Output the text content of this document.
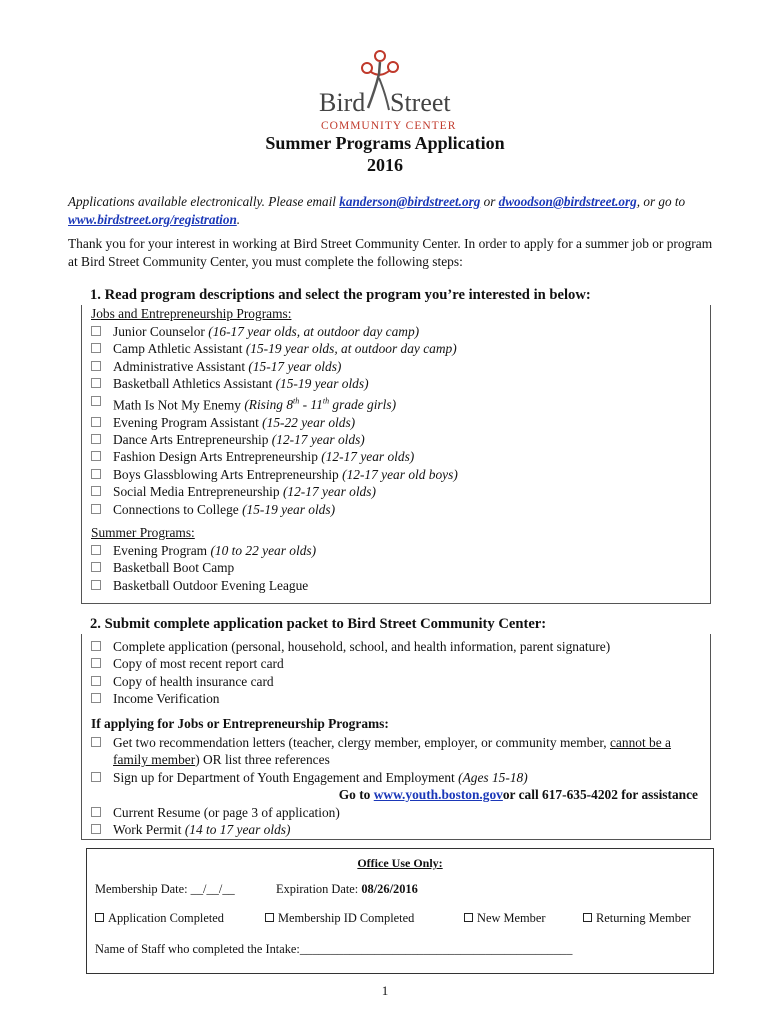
Bird Street
COMMUNITY CENTER
Summer Programs Application
2016
Applications available electronically. Please email kanderson@birdstreet.org or dwoodson@birdstreet.org, or go to www.birdstreet.org/registration.
Thank you for your interest in working at Bird Street Community Center. In order to apply for a summer job or program at Bird Street Community Center, you must complete the following steps:
1. Read program descriptions and select the program you’re interested in below:
Jobs and Entrepreneurship Programs:
Junior Counselor (16-17 year olds, at outdoor day camp)
Camp Athletic Assistant (15-19 year olds, at outdoor day camp)
Administrative Assistant (15-17 year olds)
Basketball Athletics Assistant (15-19 year olds)
Math Is Not My Enemy (Rising 8th - 11th grade girls)
Evening Program Assistant (15-22 year olds)
Dance Arts Entrepreneurship (12-17 year olds)
Fashion Design Arts Entrepreneurship (12-17 year olds)
Boys Glassblowing Arts Entrepreneurship (12-17 year old boys)
Social Media Entrepreneurship (12-17 year olds)
Connections to College (15-19 year olds)
Summer Programs:
Evening Program (10 to 22 year olds)
Basketball Boot Camp
Basketball Outdoor Evening League
2. Submit complete application packet to Bird Street Community Center:
Complete application (personal, household, school, and health information, parent signature)
Copy of most recent report card
Copy of health insurance card
Income Verification
If applying for Jobs or Entrepreneurship Programs:
Get two recommendation letters (teacher, clergy member, employer, or community member, cannot be a family member) OR list three references
Sign up for Department of Youth Engagement and Employment (Ages 15-18)
Go to
www.youth.boston.gov or call 617-635-4202 for assistance
Current Resume (or page 3 of application)
Work Permit (14 to 17 year olds)
Office Use Only:
Membership Date: __/__/__	Expiration Date: 08/26/2016
Application Completed	Membership ID Completed	New Member	Returning Member
Name of Staff who completed the Intake:____________________________________________
1
